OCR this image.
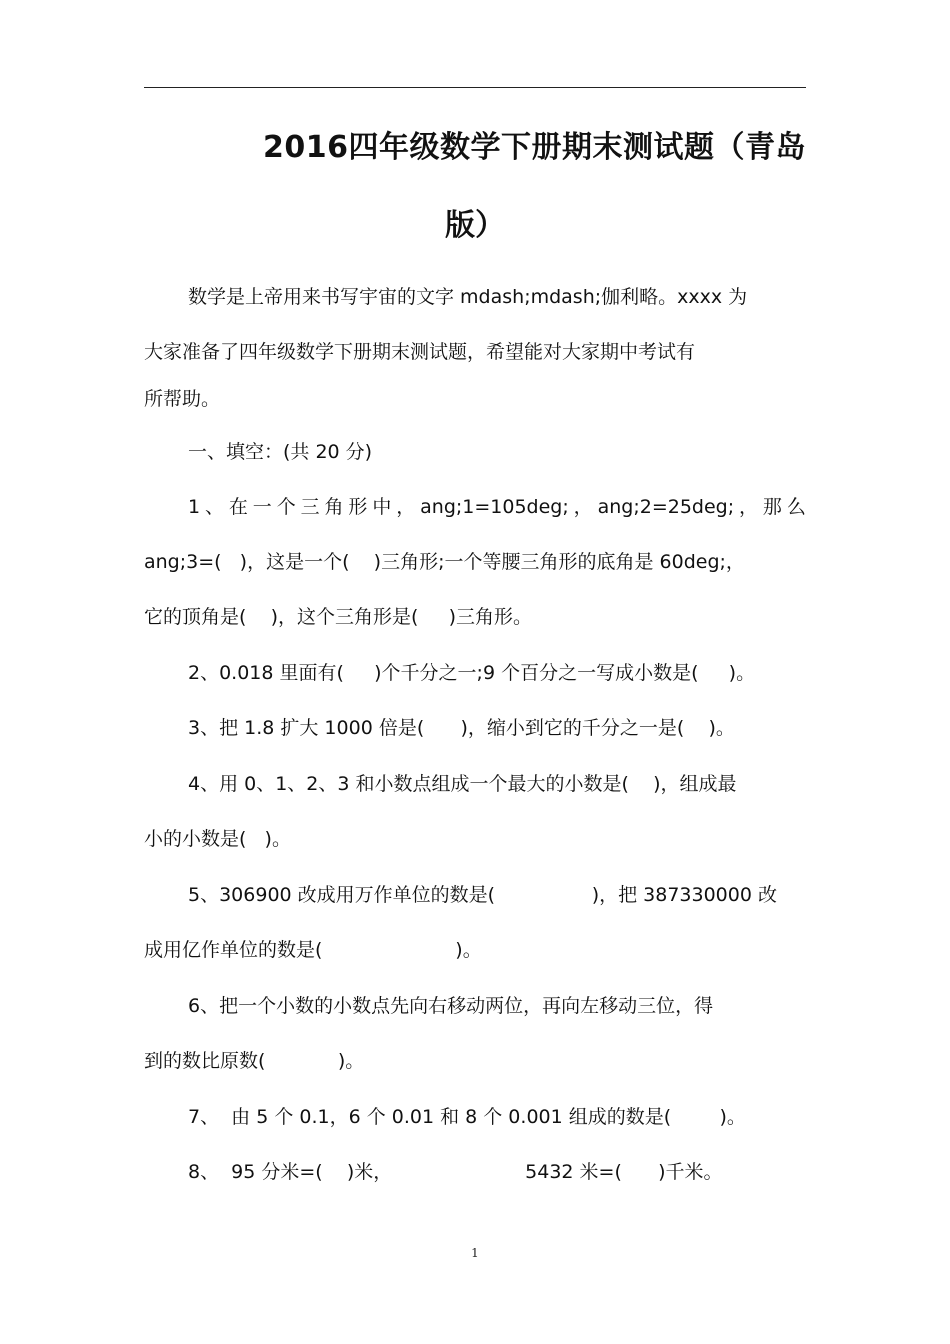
2016四年级数学下册期末测试题（青岛
版）
数学是上帝用来书写宇宙的文字 mdash;mdash;伽利略。xxxx 为
大家准备了四年级数学下册期末测试题，希望能对大家期中考试有
所帮助。
一、填空：(共 20 分)
1 、 在 一 个 三 角 形 中 ， ang;1=105deg; ， ang;2=25deg; ， 那 么
ang;3=(   )，这是一个(    )三角形;一个等腰三角形的底角是 60deg;，
它的顶角是(    )，这个三角形是(     )三角形。
2、0.018 里面有(     )个千分之一;9 个百分之一写成小数是(     )。
3、把 1.8 扩大 1000 倍是(      )，缩小到它的千分之一是(    )。
4、用 0、1、2、3 和小数点组成一个最大的小数是(    )，组成最
小的小数是(   )。
5、306900 改成用万作单位的数是(                )，把 387330000 改
成用亿作单位的数是(                      )。
6、把一个小数的小数点先向右移动两位，再向左移动三位，得
到的数比原数(            )。
7、  由 5 个 0.1，6 个 0.01 和 8 个 0.001 组成的数是(        )。
8、  95 分米=(    )米，                      5432 米=(      )千米。
1
